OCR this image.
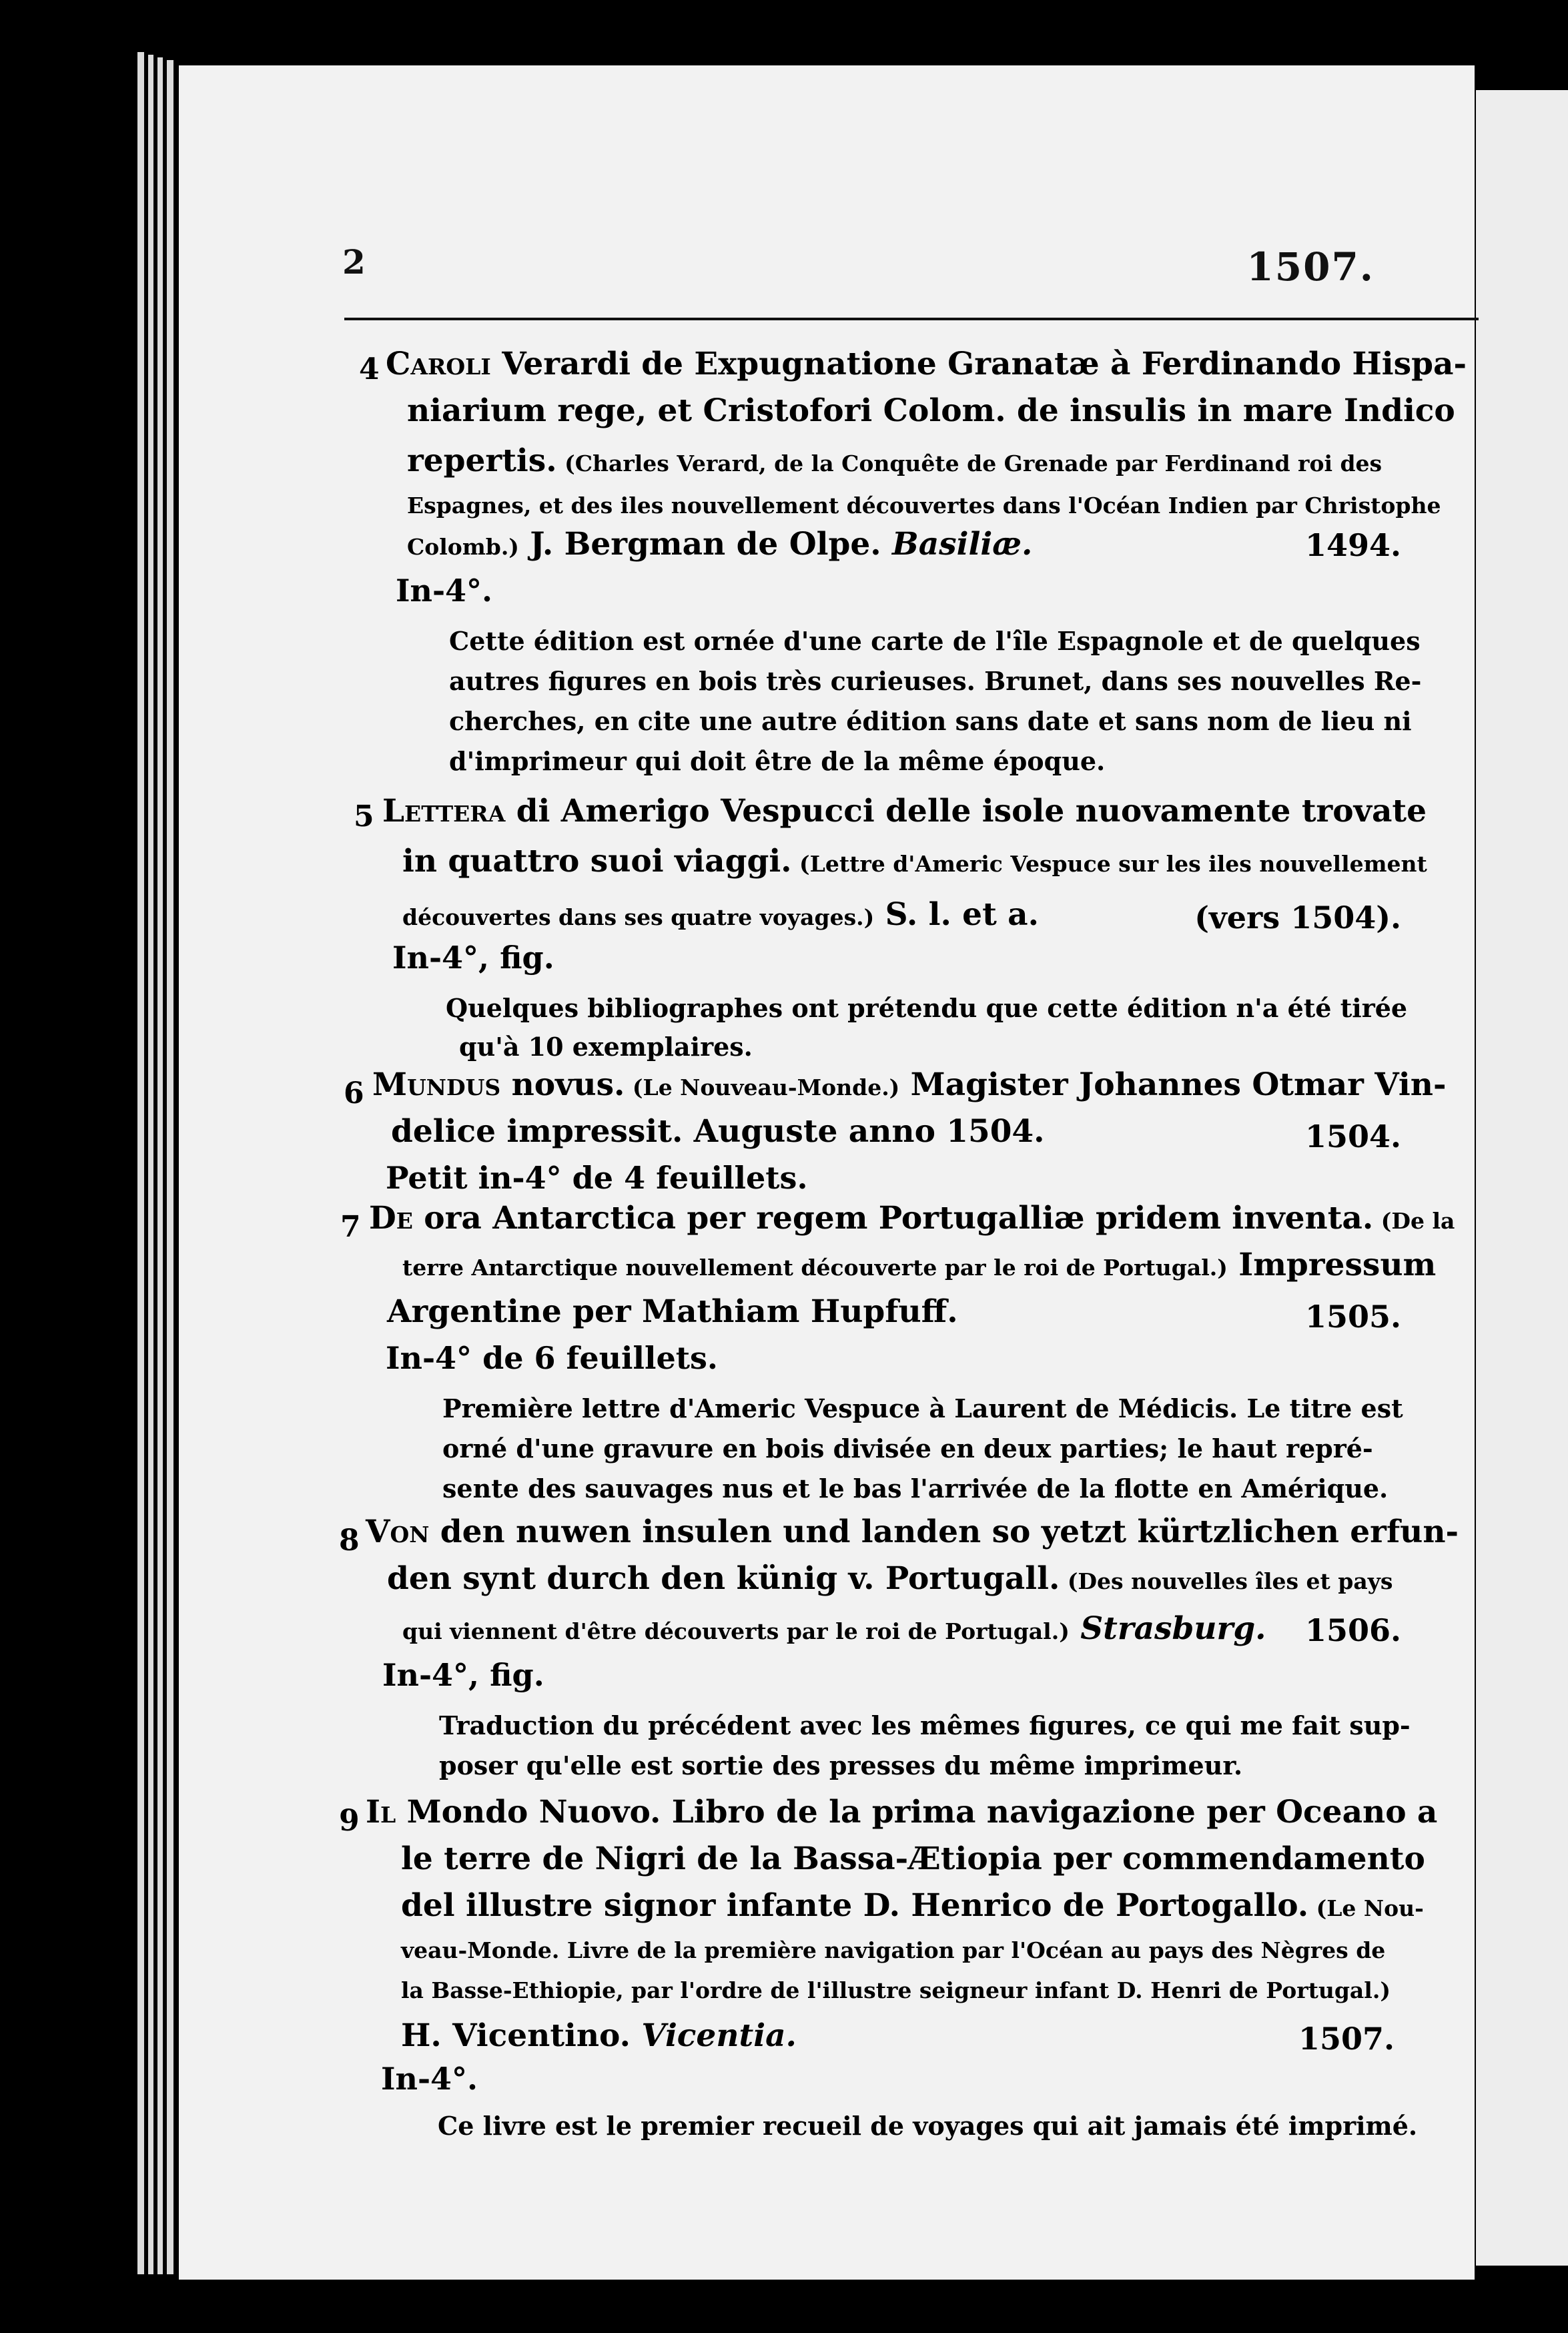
2	1507.
4 Caroli Verardi de Expugnatione Granatæ à Ferdinando Hispa-
niarium rege, et Cristofori Colom. de insulis in mare Indico
repertis. (Charles Verard, de la Conquête de Grenade par Ferdinand roi des
Espagnes, et des iles nouvellement découvertes dans l'Océan Indien par Christophe
Colomb.) J. Bergman de Olpe. Basiliæ.	1494.
In-4°.
Cette édition est ornée d'une carte de l'île Espagnole et de quelques
autres figures en bois très curieuses. Brunet, dans ses nouvelles Re-
cherches, en cite une autre édition sans date et sans nom de lieu ni
d'imprimeur qui doit être de la même époque.
5 Lettera di Amerigo Vespucci delle isole nuovamente trovate
in quattro suoi viaggi. (Lettre d'Americ Vespuce sur les iles nouvellement
découvertes dans ses quatre voyages.) S. l. et a.	(vers 1504).
In-4°, fig.
Quelques bibliographes ont prétendu que cette édition n'a été tirée
qu'à 10 exemplaires.
6 Mundus novus. (Le Nouveau-Monde.) Magister Johannes Otmar Vin-
delice impressit. Auguste anno 1504.	1504.
Petit in-4° de 4 feuillets.
7 De ora Antarctica per regem Portugalliæ pridem inventa. (De la
terre Antarctique nouvellement découverte par le roi de Portugal.) Impressum
Argentine per Mathiam Hupfuff.	1505.
In-4° de 6 feuillets.
Première lettre d'Americ Vespuce à Laurent de Médicis. Le titre est
orné d'une gravure en bois divisée en deux parties; le haut repré-
sente des sauvages nus et le bas l'arrivée de la flotte en Amérique.
8 Von den nuwen insulen und landen so yetzt kürtzlichen erfun-
den synt durch den künig v. Portugall. (Des nouvelles îles et pays
qui viennent d'être découverts par le roi de Portugal.) Strasburg. 1506.
In-4°, fig.
Traduction du précédent avec les mêmes figures, ce qui me fait sup-
poser qu'elle est sortie des presses du même imprimeur.
9 Il Mondo Nuovo. Libro de la prima navigazione per Oceano a
le terre de Nigri de la Bassa-Ætiopia per commendamento
del illustre signor infante D. Henrico de Portogallo. (Le Nou-
veau-Monde. Livre de la première navigation par l'Océan au pays des Nègres de
la Basse-Ethiopie, par l'ordre de l'illustre seigneur infant D. Henri de Portugal.)
H. Vicentino. Vicentia.	1507.
In-4°.
Ce livre est le premier recueil de voyages qui ait jamais été imprimé.
